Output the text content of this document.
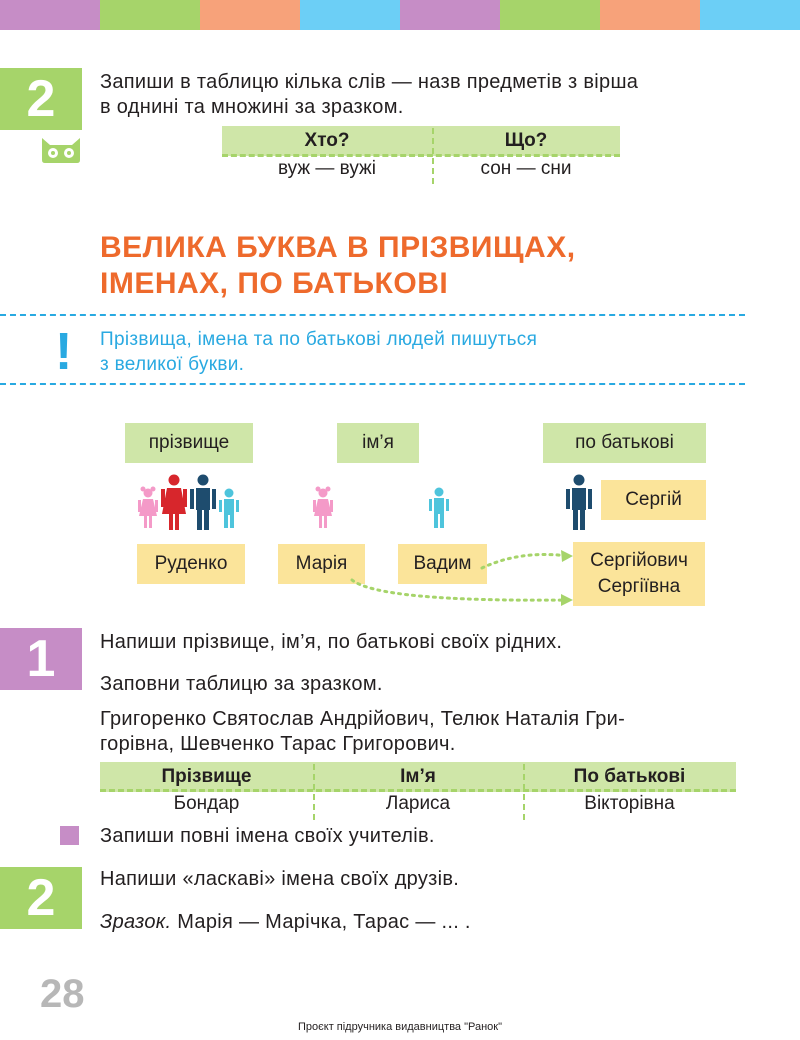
2	Запиши в таблицю кілька слів — назв предметів з вірша
в однині та множині за зразком.
Хто?	Що?
вуж — вужі	сон — сни
ВЕЛИКА БУКВА В ПРІЗВИЩАХ,
ІМЕНАХ, ПО БАТЬКОВІ
! Прізвища, імена та по батькові людей пишуться
з великої букви.
прізвище	ім’я	по батькові
Сергій
Руденко	Марія	Вадим	Сергійович
Сергіївна
1	Напиши прізвище, ім’я, по батькові своїх рідних.
Заповни таблицю за зразком.
Григоренко Святослав Андрійович, Телюк Наталія Гри-
горівна, Шевченко Тарас Григорович.
Прізвище	Ім’я	По батькові
Бондар	Лариса	Вікторівна
Запиши повні імена своїх учителів.
2	Напиши «ласкаві» імена своїх друзів.
Зразок. Марія — Марічка, Тарас — ... .
28
Проєкт підручника видавництва "Ранок"
